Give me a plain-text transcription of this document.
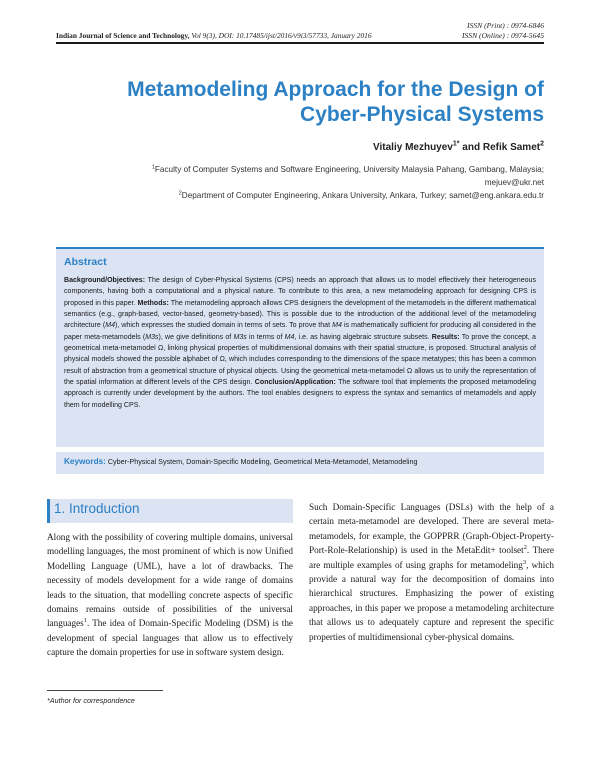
ISSN (Print) : 0974-6846
ISSN (Online) : 0974-5645
Indian Journal of Science and Technology, Vol 9(3), DOI: 10.17485/ijst/2016/v9i3/57733, January 2016
Metamodeling Approach for the Design of
Cyber-Physical Systems
Vitaliy Mezhuyev$^{1*}$ and Refik Samet$^2$
$^1$Faculty of Computer Systems and Software Engineering, University Malaysia Pahang, Gambang, Malaysia;
mejuev@ukr.net
$^2$Department of Computer Engineering, Ankara University, Ankara, Turkey; samet@eng.ankara.edu.tr
Abstract
Background/Objectives: The design of Cyber-Physical Systems (CPS) needs an approach that allows us to model effectively their heterogeneous components, having both a computational and a physical nature. To contribute to this area, a new metamodeling approach for designing CPS is proposed in this paper. Methods: The metamodeling approach allows CPS designers the development of the metamodels in the different mathematical semantics (e.g., graph-based, vector-based, geometry-based). This is possible due to the introduction of the additional level of the metamodeling architecture (M4), which expresses the studied domain in terms of sets. To prove that M4 is mathematically sufficient for producing all considered in the paper meta-metamodels (M3s), we give definitions of M3s in terms of M4, i.e. as having algebraic structure subsets. Results: To prove the concept, a geometrical meta-metamodel Ω, linking physical properties of multidimensional domains with their spatial structure, is proposed. Structural analysis of physical models showed the possible alphabet of Ω, which includes corresponding to the dimensions of the space metatypes; this has been a common result of abstraction from a geometrical structure of physical objects. Using the geometrical meta-metamodel Ω allows us to unify the representation of the spatial information at different levels of the CPS design. Conclusion/Application: The software tool that implements the proposed metamodeling approach is currently under development by the authors. The tool enables designers to express the syntax and semantics of metamodels and apply them for modelling CPS.
Keywords: Cyber-Physical System, Domain-Specific Modeling, Geometrical Meta-Metamodel, Metamodeling
1. Introduction
Along with the possibility of covering multiple domains, universal modelling languages, the most prominent of which is now Unified Modelling Language (UML), have a lot of drawbacks. The necessity of models development for a wide range of domains leads to the situation, that modelling concrete aspects of specific domains remains outside of possibilities of the universal languages$^1$. The idea of Domain-Specific Modeling (DSM) is the development of special languages that allow us to effectively capture the domain properties for use in software system design.
Such Domain-Specific Languages (DSLs) with the help of a certain meta-metamodel are developed. There are several meta-metamodels, for example, the GOPPRR (Graph-Object-Property-Port-Role-Relationship) is used in the MetaEdit+ toolset$^2$. There are multiple examples of using graphs for metamodeling$^3$, which provide a natural way for the decomposition of domains into hierarchical structures. Emphasizing the power of existing approaches, in this paper we propose a metamodeling architecture that allows us to adequately capture and represent the specific properties of multidimensional cyber-physical domains.
*Author for correspondence
